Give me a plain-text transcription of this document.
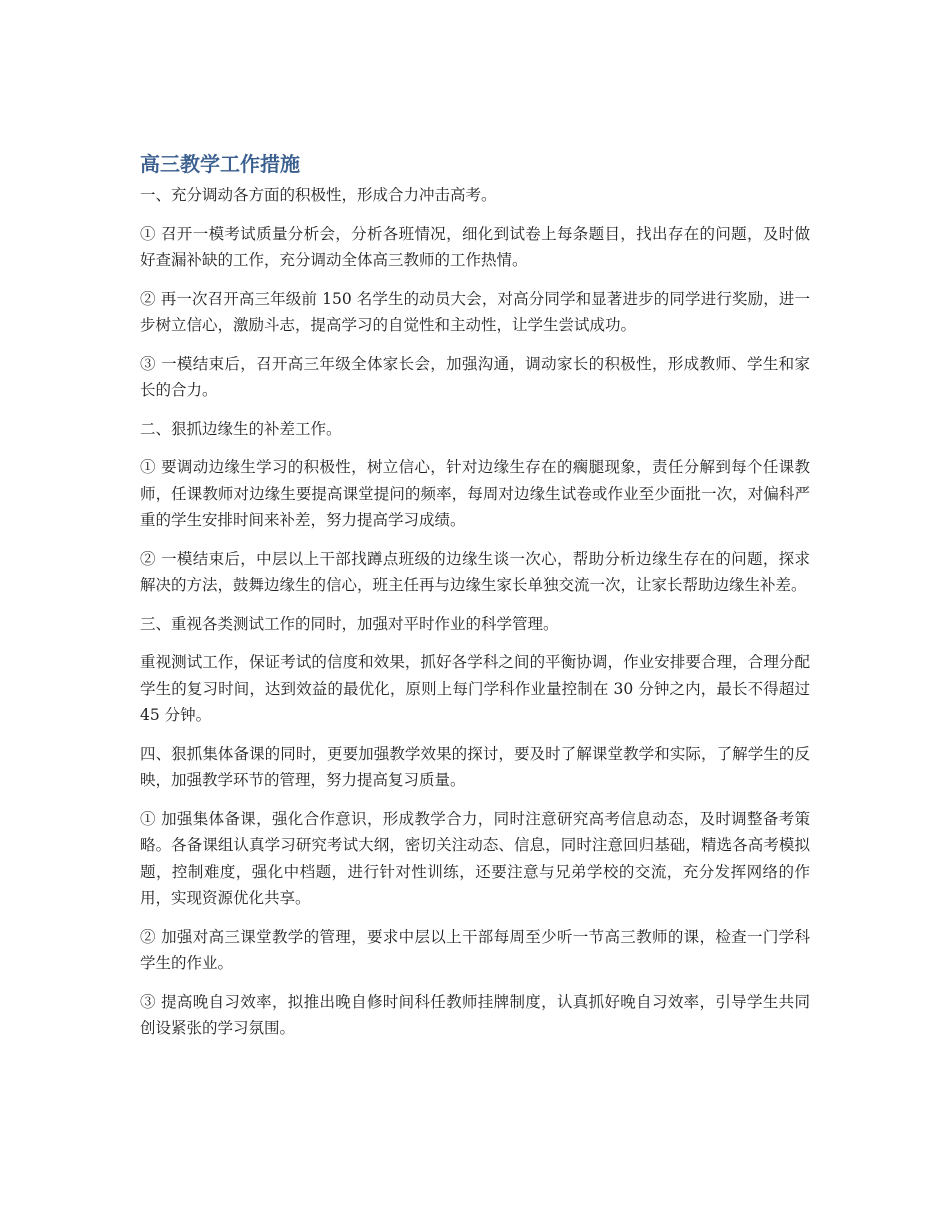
高三教学工作措施

一、充分调动各方面的积极性，形成合力冲击高考。

① 召开一模考试质量分析会，分析各班情况，细化到试卷上每条题目，找出存在的问题，及时做好查漏补缺的工作，充分调动全体高三教师的工作热情。

② 再一次召开高三年级前 150 名学生的动员大会，对高分同学和显著进步的同学进行奖励，进一步树立信心，激励斗志，提高学习的自觉性和主动性，让学生尝试成功。

③ 一模结束后，召开高三年级全体家长会，加强沟通，调动家长的积极性，形成教师、学生和家长的合力。

二、狠抓边缘生的补差工作。

① 要调动边缘生学习的积极性，树立信心，针对边缘生存在的瘸腿现象，责任分解到每个任课教师，任课教师对边缘生要提高课堂提问的频率，每周对边缘生试卷或作业至少面批一次，对偏科严重的学生安排时间来补差，努力提高学习成绩。

② 一模结束后，中层以上干部找蹲点班级的边缘生谈一次心，帮助分析边缘生存在的问题，探求解决的方法，鼓舞边缘生的信心，班主任再与边缘生家长单独交流一次，让家长帮助边缘生补差。

三、重视各类测试工作的同时，加强对平时作业的科学管理。

重视测试工作，保证考试的信度和效果，抓好各学科之间的平衡协调，作业安排要合理，合理分配学生的复习时间，达到效益的最优化，原则上每门学科作业量控制在 30 分钟之内，最长不得超过 45 分钟。

四、狠抓集体备课的同时，更要加强教学效果的探讨，要及时了解课堂教学和实际，了解学生的反映，加强教学环节的管理，努力提高复习质量。

① 加强集体备课，强化合作意识，形成教学合力，同时注意研究高考信息动态，及时调整备考策略。各备课组认真学习研究考试大纲，密切关注动态、信息，同时注意回归基础，精选各高考模拟题，控制难度，强化中档题，进行针对性训练，还要注意与兄弟学校的交流，充分发挥网络的作用，实现资源优化共享。

② 加强对高三课堂教学的管理，要求中层以上干部每周至少听一节高三教师的课，检查一门学科学生的作业。

③ 提高晚自习效率，拟推出晚自修时间科任教师挂牌制度，认真抓好晚自习效率，引导学生共同创设紧张的学习氛围。
